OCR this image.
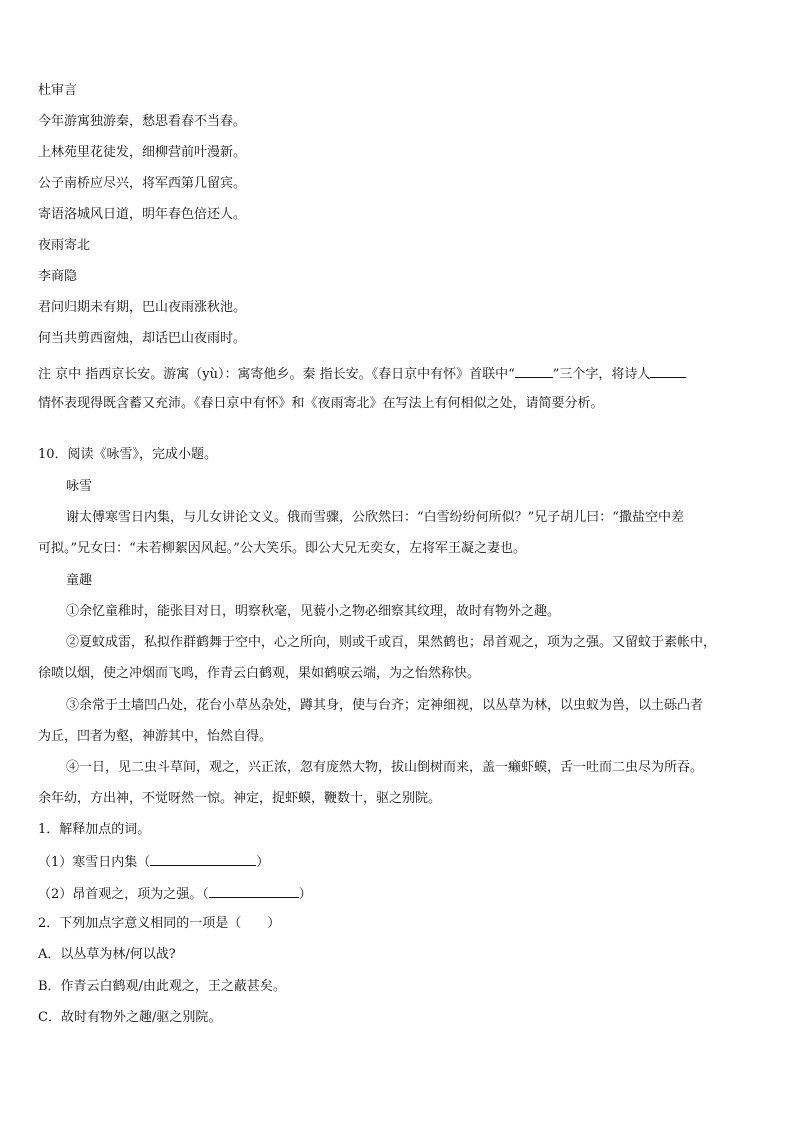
杜审言
今年游寓独游秦，愁思看春不当春。
上林苑里花徒发，细柳营前叶漫新。
公子南桥应尽兴，将军西第几留宾。
寄语洛城风日道，明年春色倍还人。
夜雨寄北
李商隐
君问归期未有期，巴山夜雨涨秋池。
何当共剪西窗烛，却话巴山夜雨时。
注 京中 指西京长安。游寓（yù）：寓寄他乡。秦 指长安。《春日京中有怀》首联中“	”三个字，将诗人
情怀表现得既含蓄又充沛。《春日京中有怀》和《夜雨寄北》在写法上有何相似之处，请简要分析。
10．阅读《咏雪》，完成小题。
咏雪
谢太傅寒雪日内集，与儿女讲论文义。俄而雪骤，公欣然曰：“白雪纷纷何所似？”兄子胡儿曰：“撒盐空中差
可拟。”兄女曰：“未若柳絮因风起。”公大笑乐。即公大兄无奕女，左将军王凝之妻也。
童趣
①余忆童稚时，能张目对日，明察秋毫，见藐小之物必细察其纹理，故时有物外之趣。
②夏蚊成雷，私拟作群鹤舞于空中，心之所向，则或千或百，果然鹤也；昂首观之，项为之强。又留蚊于素帐中，
徐喷以烟，使之冲烟而飞鸣，作青云白鹤观，果如鹤唳云端，为之怡然称快。
③余常于土墙凹凸处，花台小草丛杂处，蹲其身，使与台齐；定神细视，以丛草为林，以虫蚁为兽，以土砾凸者
为丘，凹者为壑，神游其中，怡然自得。
④一日，见二虫斗草间，观之，兴正浓，忽有庞然大物，拔山倒树而来，盖一癞虾蟆，舌一吐而二虫尽为所吞。
余年幼，方出神，不觉呀然一惊。神定，捉虾蟆，鞭数十，驱之别院。
1．解释加点的词。
（1）寒雪日内集（	）
（2）昂首观之，项为之强。（	）
2．下列加点字意义相同的一项是（ ）
A．以丛草为林/何以战?
B．作青云白鹤观/由此观之，王之蔽甚矣。
C．故时有物外之趣/驱之别院。
